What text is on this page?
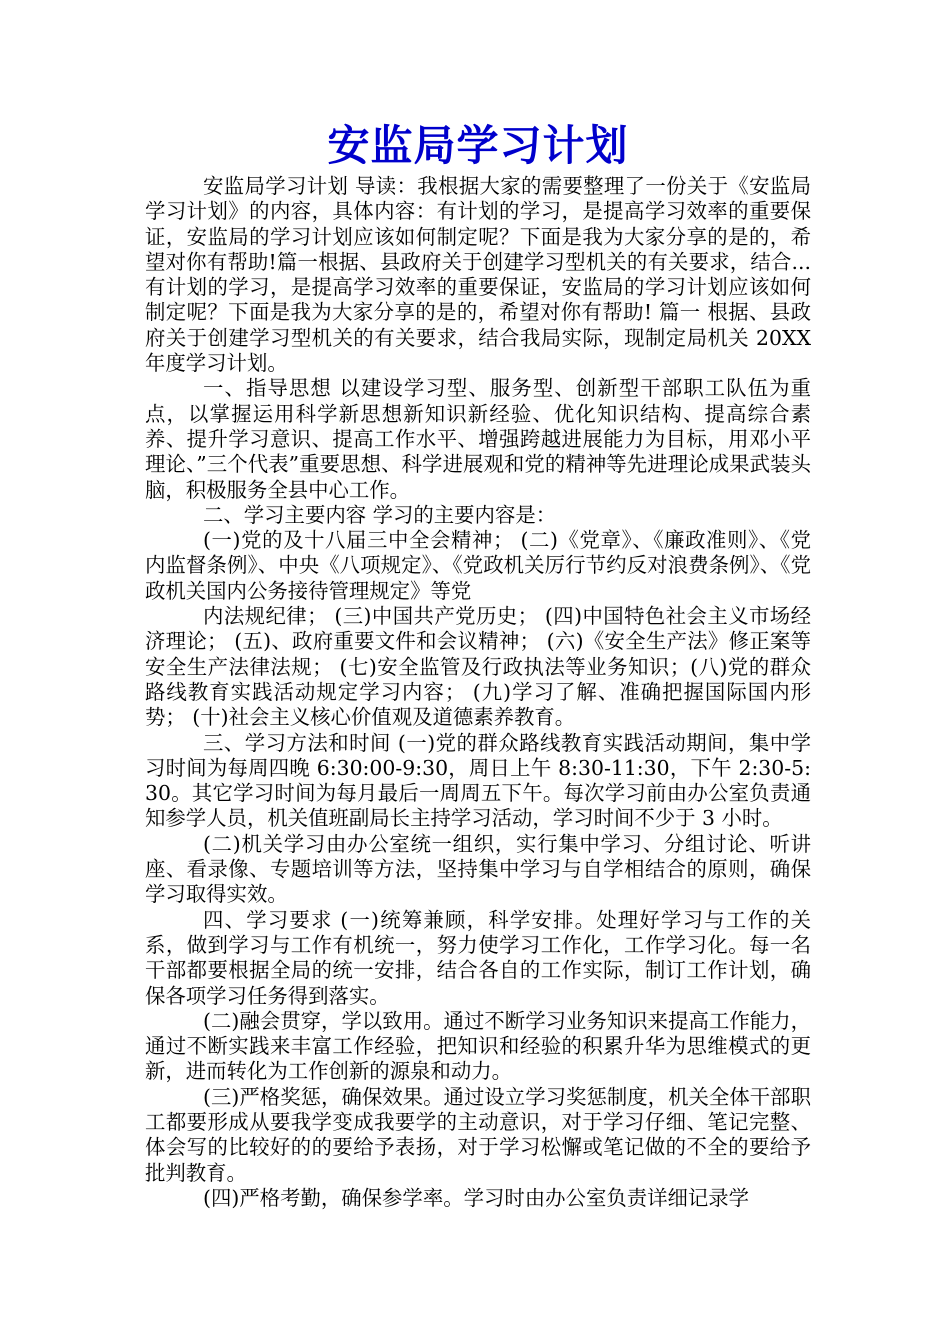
安监局学习计划

安监局学习计划 导读：我根据大家的需要整理了一份关于《安监局学习计划》的内容，具体内容：有计划的学习，是提高学习效率的重要保证，安监局的学习计划应该如何制定呢？下面是我为大家分享的是的，希望对你有帮助!篇一根据、县政府关于创建学习型机关的有关要求，结合... 有计划的学习，是提高学习效率的重要保证，安监局的学习计划应该如何制定呢？下面是我为大家分享的是的，希望对你有帮助! 篇一 根据、县政府关于创建学习型机关的有关要求，结合我局实际，现制定局机关 20XX 年度学习计划。

一、指导思想 以建设学习型、服务型、创新型干部职工队伍为重点，以掌握运用科学新思想新知识新经验、优化知识结构、提高综合素养、提升学习意识、提高工作水平、增强跨越进展能力为目标，用邓小平理论、”三个代表”重要思想、科学进展观和党的精神等先进理论成果武装头脑，积极服务全县中心工作。

二、学习主要内容 学习的主要内容是：

(一)党的及十八届三中全会精神； (二)《党章》、《廉政准则》、《党内监督条例》、中央《八项规定》、《党政机关厉行节约反对浪费条例》、《党政机关国内公务接待管理规定》等党

内法规纪律； (三)中国共产党历史； (四)中国特色社会主义市场经济理论； (五)、政府重要文件和会议精神； (六)《安全生产法》修正案等安全生产法律法规； (七)安全监管及行政执法等业务知识；(八)党的群众路线教育实践活动规定学习内容； (九)学习了解、准确把握国际国内形势； (十)社会主义核心价值观及道德素养教育。

三、学习方法和时间 (一)党的群众路线教育实践活动期间，集中学习时间为每周四晚 6:30:00-9:30，周日上午 8:30-11:30，下午 2:30-5:30。其它学习时间为每月最后一周周五下午。每次学习前由办公室负责通知参学人员，机关值班副局长主持学习活动，学习时间不少于 3 小时。

(二)机关学习由办公室统一组织，实行集中学习、分组讨论、听讲座、看录像、专题培训等方法，坚持集中学习与自学相结合的原则，确保学习取得实效。

四、学习要求 (一)统筹兼顾，科学安排。处理好学习与工作的关系，做到学习与工作有机统一，努力使学习工作化，工作学习化。每一名干部都要根据全局的统一安排，结合各自的工作实际，制订工作计划，确保各项学习任务得到落实。

(二)融会贯穿，学以致用。通过不断学习业务知识来提高工作能力，通过不断实践来丰富工作经验，把知识和经验的积累升华为思维模式的更新，进而转化为工作创新的源泉和动力。

(三)严格奖惩，确保效果。通过设立学习奖惩制度，机关全体干部职工都要形成从要我学变成我要学的主动意识，对于学习仔细、笔记完整、体会写的比较好的的要给予表扬，对于学习松懈或笔记做的不全的要给予批判教育。

(四)严格考勤，确保参学率。学习时由办公室负责详细记录学
